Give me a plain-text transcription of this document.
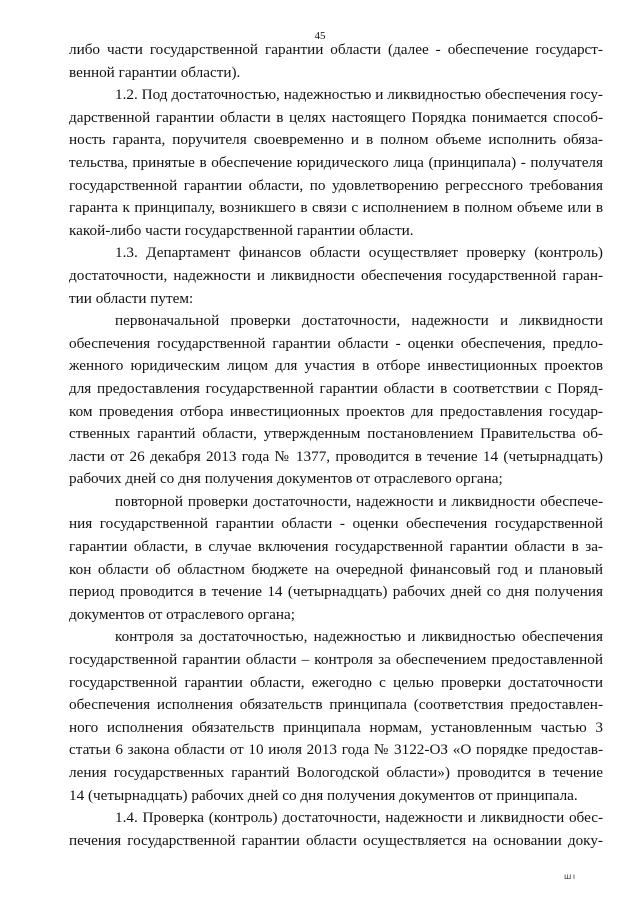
45
либо части государственной гарантии области (далее - обеспечение государст-
венной гарантии области).
1.2. Под достаточностью, надежностью и ликвидностью обеспечения госу-
дарственной гарантии области в целях настоящего Порядка понимается способ-
ность гаранта, поручителя своевременно и в полном объеме исполнить обяза-
тельства, принятые в обеспечение юридического лица (принципала) - получателя
государственной гарантии области, по удовлетворению регрессного требования
гаранта к принципалу, возникшего в связи с исполнением в полном объеме или в
какой-либо части государственной гарантии области.
1.3. Департамент финансов области осуществляет проверку (контроль)
достаточности, надежности и ликвидности обеспечения государственной гаран-
тии области путем:
первоначальной проверки достаточности, надежности и ликвидности
обеспечения государственной гарантии области - оценки обеспечения, предло-
женного юридическим лицом для участия в отборе инвестиционных проектов
для предоставления государственной гарантии области в соответствии с Поряд-
ком проведения отбора инвестиционных проектов для предоставления государ-
ственных гарантий области, утвержденным постановлением Правительства об-
ласти от 26 декабря 2013 года № 1377, проводится в течение 14 (четырнадцать)
рабочих дней со дня получения документов от отраслевого органа;
повторной проверки достаточности, надежности и ликвидности обеспече-
ния государственной гарантии области - оценки обеспечения государственной
гарантии области, в случае включения государственной гарантии области в за-
кон области об областном бюджете на очередной финансовый год и плановый
период проводится в течение 14 (четырнадцать) рабочих дней со дня получения
документов от отраслевого органа;
контроля за достаточностью, надежностью и ликвидностью обеспечения
государственной гарантии области – контроля за обеспечением предоставленной
государственной гарантии области, ежегодно с целью проверки достаточности
обеспечения исполнения обязательств принципала (соответствия предоставлен-
ного исполнения обязательств принципала нормам, установленным частью 3
статьи 6 закона области от 10 июля 2013 года № 3122-ОЗ «О порядке предостав-
ления государственных гарантий Вологодской области») проводится в течение
14 (четырнадцать) рабочих дней со дня получения документов от принципала.
1.4. Проверка (контроль) достаточности, надежности и ликвидности обес-
печения государственной гарантии области осуществляется на основании доку-
ш ı
